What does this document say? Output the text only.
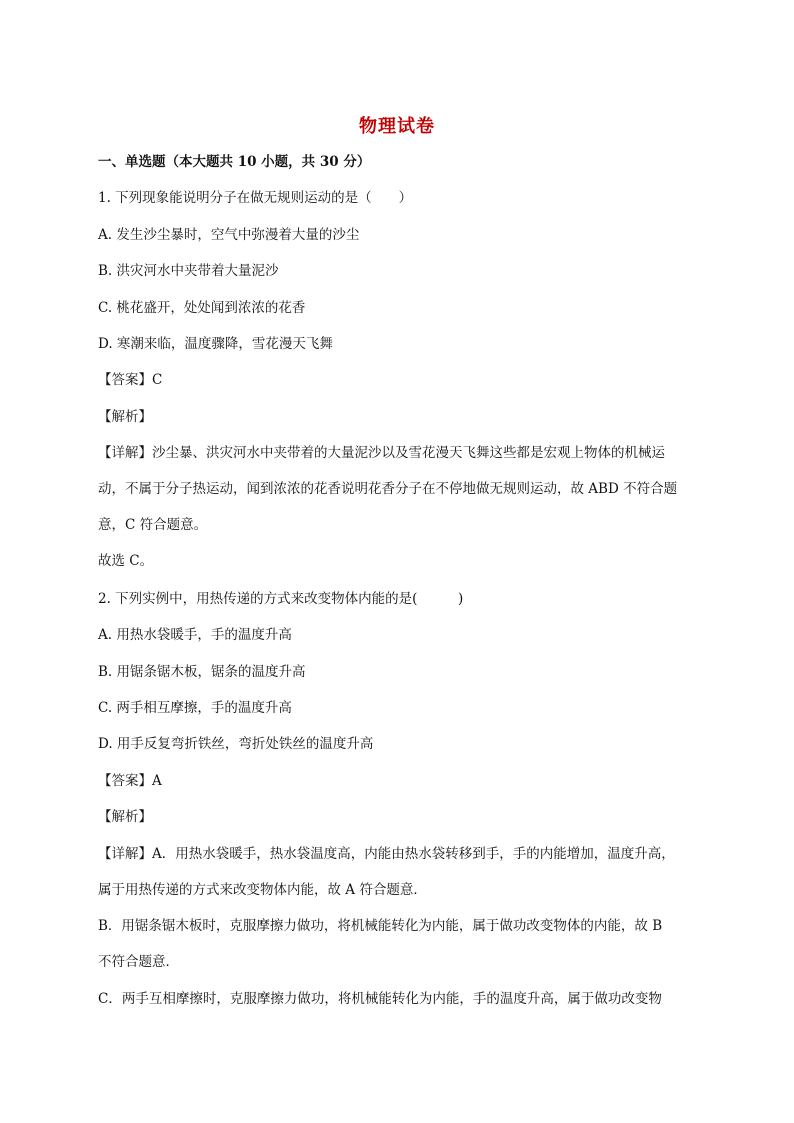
物理试卷
一、单选题（本大题共 10 小题，共 30 分）
1. 下列现象能说明分子在做无规则运动的是（　　）
A. 发生沙尘暴时，空气中弥漫着大量的沙尘
B. 洪灾河水中夹带着大量泥沙
C. 桃花盛开，处处闻到浓浓的花香
D. 寒潮来临，温度骤降，雪花漫天飞舞
【答案】C
【解析】
【详解】沙尘暴、洪灾河水中夹带着的大量泥沙以及雪花漫天飞舞这些都是宏观上物体的机械运
动，不属于分子热运动，闻到浓浓的花香说明花香分子在不停地做无规则运动，故 ABD 不符合题
意，C 符合题意。
故选 C。
2. 下列实例中，用热传递的方式来改变物体内能的是(　　　)
A. 用热水袋暖手，手的温度升高
B. 用锯条锯木板，锯条的温度升高
C. 两手相互摩擦，手的温度升高
D. 用手反复弯折铁丝，弯折处铁丝的温度升高
【答案】A
【解析】
【详解】A．用热水袋暖手，热水袋温度高，内能由热水袋转移到手，手的内能增加，温度升高，
属于用热传递的方式来改变物体内能，故 A 符合题意．
B．用锯条锯木板时，克服摩擦力做功，将机械能转化为内能，属于做功改变物体的内能，故 B
不符合题意．
C．两手互相摩擦时，克服摩擦力做功，将机械能转化为内能，手的温度升高，属于做功改变物
